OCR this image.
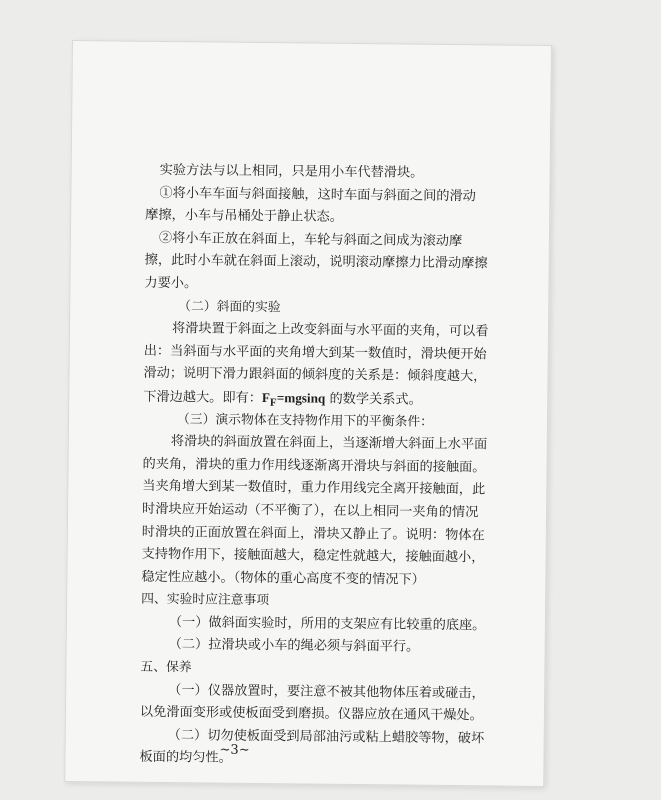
实验方法与以上相同，只是用小车代替滑块。
①将小车车面与斜面接触，这时车面与斜面之间的滑动
摩擦，小车与吊桶处于静止状态。
②将小车正放在斜面上，车轮与斜面之间成为滚动摩
擦，此时小车就在斜面上滚动，说明滚动摩擦力比滑动摩擦
力要小。
（二）斜面的实验
将滑块置于斜面之上改变斜面与水平面的夹角，可以看
出：当斜面与水平面的夹角增大到某一数值时，滑块便开始
滑动；说明下滑力跟斜面的倾斜度的关系是：倾斜度越大，
下滑边越大。即有：$F_F=mgsinq$ 的数学关系式。
（三）演示物体在支持物作用下的平衡条件：
将滑块的斜面放置在斜面上，当逐渐增大斜面上水平面
的夹角，滑块的重力作用线逐渐离开滑块与斜面的接触面。
当夹角增大到某一数值时，重力作用线完全离开接触面，此
时滑块应开始运动（不平衡了），在以上相同一夹角的情况
时滑块的正面放置在斜面上，滑块又静止了。说明：物体在
支持物作用下，接触面越大，稳定性就越大，接触面越小，
稳定性应越小。（物体的重心高度不变的情况下）
四、实验时应注意事项
（一）做斜面实验时，所用的支架应有比较重的底座。
（二）拉滑块或小车的绳必须与斜面平行。
五、保养
（一）仪器放置时，要注意不被其他物体压着或碰击，
以免滑面变形或使板面受到磨损。仪器应放在通风干燥处。
（二）切勿使板面受到局部油污或粘上蜡胶等物，破坏
板面的均匀性。
~3~
